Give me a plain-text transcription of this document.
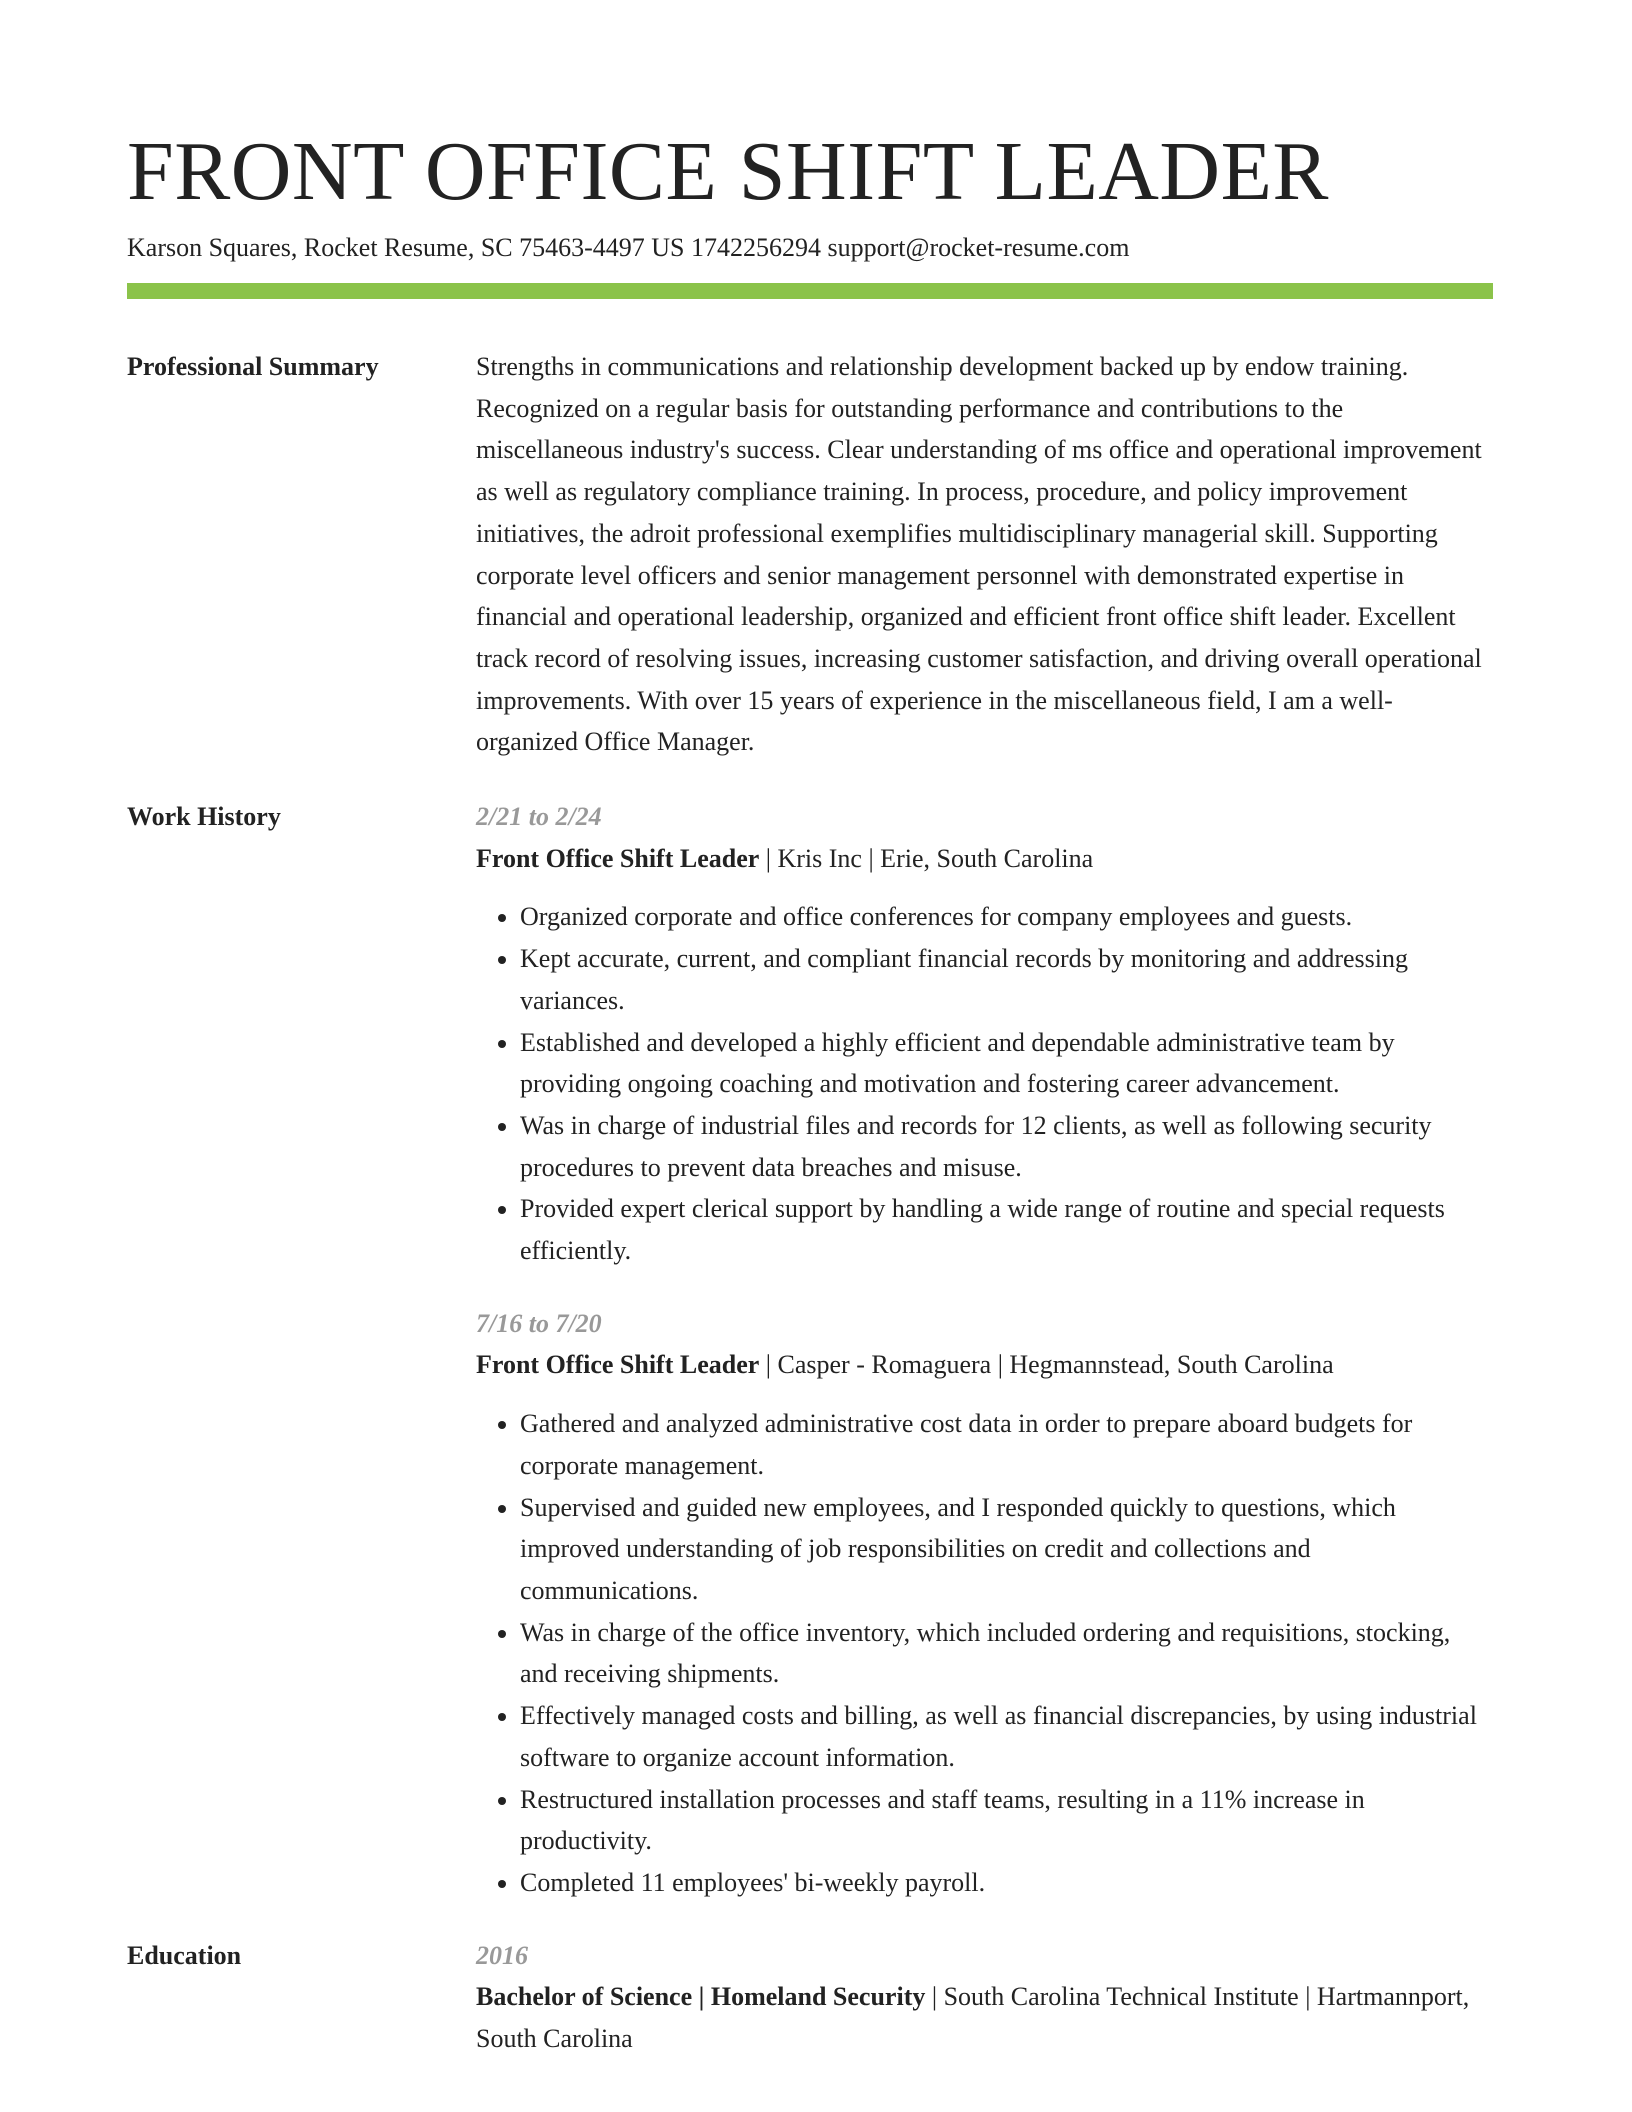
FRONT OFFICE SHIFT LEADER
Karson Squares, Rocket Resume, SC 75463-4497 US 1742256294 support@rocket-resume.com
Professional Summary	Strengths in communications and relationship development backed up by endow training. Recognized on a regular basis for outstanding performance and contributions to the miscellaneous industry's success. Clear understanding of ms office and operational improvement as well as regulatory compliance training. In process, procedure, and policy improvement initiatives, the adroit professional exemplifies multidisciplinary managerial skill. Supporting corporate level officers and senior management personnel with demonstrated expertise in financial and operational leadership, organized and efficient front office shift leader. Excellent track record of resolving issues, increasing customer satisfaction, and driving overall operational improvements. With over 15 years of experience in the miscellaneous field, I am a well-organized Office Manager.

Work History	2/21 to 2/24
Front Office Shift Leader | Kris Inc | Erie, South Carolina
• Organized corporate and office conferences for company employees and guests.
• Kept accurate, current, and compliant financial records by monitoring and addressing variances.
• Established and developed a highly efficient and dependable administrative team by providing ongoing coaching and motivation and fostering career advancement.
• Was in charge of industrial files and records for 12 clients, as well as following security procedures to prevent data breaches and misuse.
• Provided expert clerical support by handling a wide range of routine and special requests efficiently.
7/16 to 7/20
Front Office Shift Leader | Casper - Romaguera | Hegmannstead, South Carolina
• Gathered and analyzed administrative cost data in order to prepare aboard budgets for corporate management.
• Supervised and guided new employees, and I responded quickly to questions, which improved understanding of job responsibilities on credit and collections and communications.
• Was in charge of the office inventory, which included ordering and requisitions, stocking, and receiving shipments.
• Effectively managed costs and billing, as well as financial discrepancies, by using industrial software to organize account information.
• Restructured installation processes and staff teams, resulting in a 11% increase in productivity.
• Completed 11 employees' bi-weekly payroll.
Education	2016
Bachelor of Science | Homeland Security | South Carolina Technical Institute | Hartmannport, South Carolina
